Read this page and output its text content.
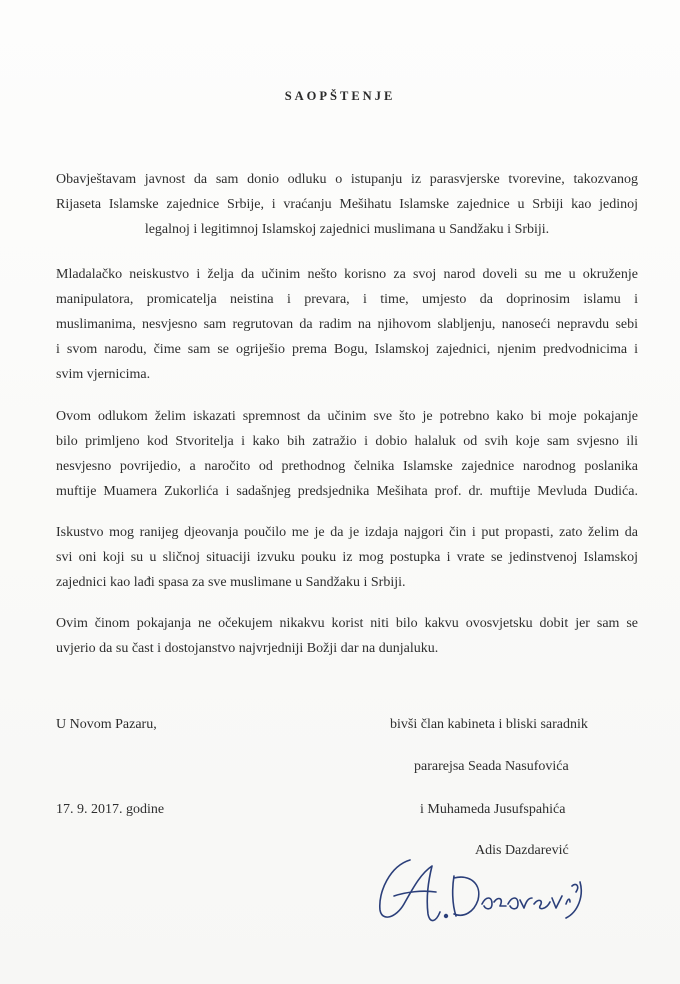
SAOPŠTENJE
Obavještavam javnost da sam donio odluku o istupanju iz parasvjerske tvorevine, takozvanog
Rijaseta Islamske zajednice Srbije, i vraćanju Mešihatu Islamske zajednice u Srbiji kao jedinoj
legalnoj i legitimnoj Islamskoj zajednici muslimana u Sandžaku i Srbiji.
Mladalačko neiskustvo i želja da učinim nešto korisno za svoj narod doveli su me u okruženje
manipulatora, promicatelja neistina i prevara, i time, umjesto da doprinosim islamu i
muslimanima, nesvjesno sam regrutovan da radim na njihovom slabljenju, nanoseći nepravdu sebi
i svom narodu, čime sam se ogriješio prema Bogu, Islamskoj zajednici, njenim predvodnicima i
svim vjernicima.
Ovom odlukom želim iskazati spremnost da učinim sve što je potrebno kako bi moje pokajanje
bilo primljeno kod Stvoritelja i kako bih zatražio i dobio halaluk od svih koje sam svjesno ili
nesvjesno povrijedio, a naročito od prethodnog čelnika Islamske zajednice narodnog poslanika
muftije Muamera Zukorlića i sadašnjeg predsjednika Mešihata prof. dr. muftije Mevluda Dudića.
Iskustvo mog ranijeg djeovanja poučilo me je da je izdaja najgori čin i put propasti, zato želim da
svi oni koji su u sličnoj situaciji izvuku pouku iz mog postupka i vrate se jedinstvenoj Islamskoj
zajednici kao lađi spasa za sve muslimane u Sandžaku i Srbiji.
Ovim činom pokajanja ne očekujem nikakvu korist niti bilo kakvu ovosvjetsku dobit jer sam se
uvjerio da su čast i dostojanstvo najvrjedniji Božji dar na dunjaluku.
U Novom Pazaru,
17. 9. 2017. godine
bivši član kabineta i bliski saradnik
pararejsa Seada Nasufovića
i Muhameda Jusufspahića
Adis Dazdarević
